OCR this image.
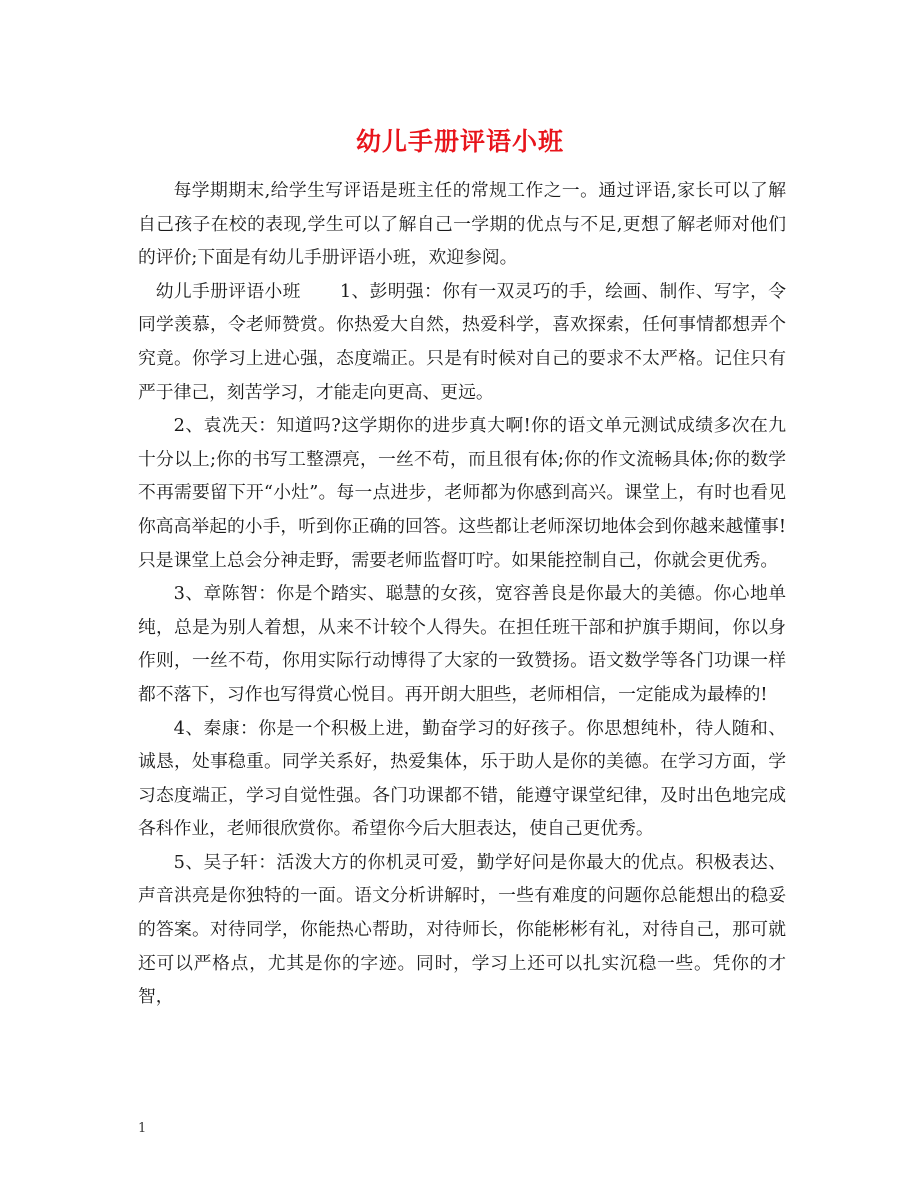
幼儿手册评语小班

每学期期末,给学生写评语是班主任的常规工作之一。通过评语,家长可以了解自己孩子在校的表现,学生可以了解自己一学期的优点与不足,更想了解老师对他们的评价;下面是有幼儿手册评语小班，欢迎参阅。

幼儿手册评语小班 1、彭明强：你有一双灵巧的手，绘画、制作、写字，令同学羡慕，令老师赞赏。你热爱大自然，热爱科学，喜欢探索，任何事情都想弄个究竟。你学习上进心强，态度端正。只是有时候对自己的要求不太严格。记住只有严于律己，刻苦学习，才能走向更高、更远。

2、袁冼天：知道吗?这学期你的进步真大啊!你的语文单元测试成绩多次在九十分以上;你的书写工整漂亮，一丝不苟，而且很有体;你的作文流畅具体;你的数学不再需要留下开“小灶”。每一点进步，老师都为你感到高兴。课堂上，有时也看见你高高举起的小手，听到你正确的回答。这些都让老师深切地体会到你越来越懂事!只是课堂上总会分神走野，需要老师监督叮咛。如果能控制自己，你就会更优秀。

3、章陈智：你是个踏实、聪慧的女孩，宽容善良是你最大的美德。你心地单纯，总是为别人着想，从来不计较个人得失。在担任班干部和护旗手期间，你以身作则，一丝不苟，你用实际行动博得了大家的一致赞扬。语文数学等各门功课一样都不落下，习作也写得赏心悦目。再开朗大胆些，老师相信，一定能成为最棒的!

4、秦康：你是一个积极上进，勤奋学习的好孩子。你思想纯朴，待人随和、诚恳，处事稳重。同学关系好，热爱集体，乐于助人是你的美德。在学习方面，学习态度端正，学习自觉性强。各门功课都不错，能遵守课堂纪律，及时出色地完成各科作业，老师很欣赏你。希望你今后大胆表达，使自己更优秀。

5、吴子轩：活泼大方的你机灵可爱，勤学好问是你最大的优点。积极表达、声音洪亮是你独特的一面。语文分析讲解时，一些有难度的问题你总能想出的稳妥的答案。对待同学，你能热心帮助，对待师长，你能彬彬有礼，对待自己，那可就还可以严格点，尤其是你的字迹。同时，学习上还可以扎实沉稳一些。凭你的才智，

1
